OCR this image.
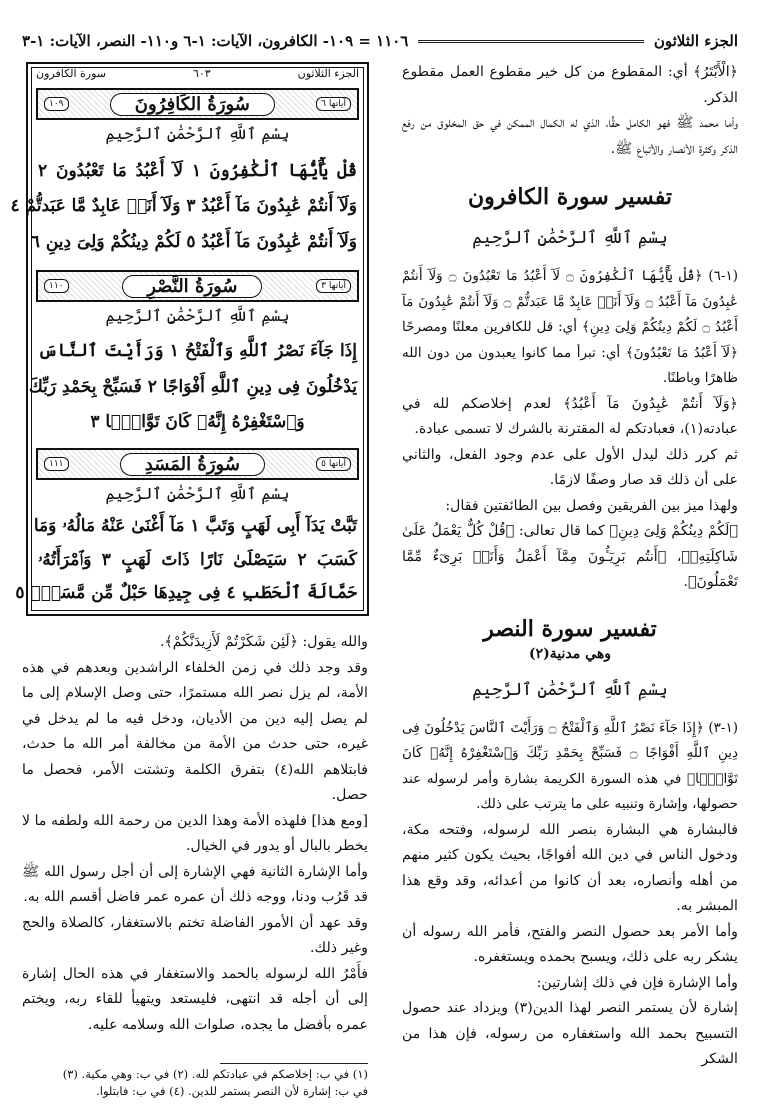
الجزء الثلاثون
١١٠٦ = ١٠٩- الكافرون، الآيات: ١-٦ و١١٠- النصر، الآيات: ١-٣
الجزء الثلاثون
٦٠٣
سورة الكافرون
آياتها ٦
سُورَةُ الكَافِرُونَ
١٠٩
بِسْمِ ٱللَّهِ ٱلرَّحْمَٰنِ ٱلرَّحِيمِ
قُلْ يَٰٓأَيُّهَا ٱلْكَٰفِرُونَ ١ لَآ أَعْبُدُ مَا تَعْبُدُونَ ٢
وَلَآ أَنتُمْ عَٰبِدُونَ مَآ أَعْبُدُ ٣ وَلَآ أَنَا۠ عَابِدٌ مَّا عَبَدتُّمْ ٤
وَلَآ أَنتُمْ عَٰبِدُونَ مَآ أَعْبُدُ ٥ لَكُمْ دِينُكُمْ وَلِىَ دِينِ ٦
آياتها ٣
سُورَةُ النَّصْرِ
١١٠
بِسْمِ ٱللَّهِ ٱلرَّحْمَٰنِ ٱلرَّحِيمِ
إِذَا جَآءَ نَصْرُ ٱللَّهِ وَٱلْفَتْحُ ١ وَرَأَيْتَ ٱلنَّاسَ
يَدْخُلُونَ فِى دِينِ ٱللَّهِ أَفْوَاجًا ٢ فَسَبِّحْ بِحَمْدِ رَبِّكَ
وَٱسْتَغْفِرْهُ إِنَّهُۥ كَانَ تَوَّابًۢا ٣
آياتها ٥
سُورَةُ المَسَدِ
١١١
بِسْمِ ٱللَّهِ ٱلرَّحْمَٰنِ ٱلرَّحِيمِ
تَبَّتْ يَدَآ أَبِى لَهَبٍ وَتَبَّ ١ مَآ أَغْنَىٰ عَنْهُ مَالُهُۥ وَمَا
كَسَبَ ٢ سَيَصْلَىٰ نَارًا ذَاتَ لَهَبٍ ٣ وَٱمْرَأَتُهُۥ
حَمَّالَةَ ٱلْحَطَبِ ٤ فِى جِيدِهَا حَبْلٌ مِّن مَّسَدٍۭ ٥

﴿الْأَبْتَرُ﴾ أي: المقطوع من كل خير مقطوع العمل مقطوع الذكر.

وأما محمد ﷺ فهو الكامل حقًّا، الذي له الكمال الممكن في حق المخلوق من رفع الذكر وكثرة الأنصار والأتباع ﷺ.

تفسير سورة الكافرون

بِسْمِ ٱللَّهِ ٱلرَّحْمَٰنِ ٱلرَّحِيمِ

(١-٦) ﴿قُلْ يَٰٓأَيُّهَا ٱلْكَٰفِرُونَ ۝ لَآ أَعْبُدُ مَا تَعْبُدُونَ ۝ وَلَآ أَنتُمْ عَٰبِدُونَ مَآ أَعْبُدُ ۝ وَلَآ أَنَا۠ عَابِدٌ مَّا عَبَدتُّمْ ۝ وَلَآ أَنتُمْ عَٰبِدُونَ مَآ أَعْبُدُ ۝ لَكُمْ دِينُكُمْ وَلِىَ دِينِ﴾ أي: قل للكافرين معلنًا ومصرحًا ﴿لَآ أَعْبُدُ مَا تَعْبُدُونَ﴾ أي: تبرأ مما كانوا يعبدون من دون الله ظاهرًا وباطنًا.

﴿وَلَآ أَنتُمْ عَٰبِدُونَ مَآ أَعْبُدُ﴾ لعدم إخلاصكم لله في عبادته(١)، فعبادتكم له المقترنة بالشرك لا تسمى عبادة.

ثم كرر ذلك ليدل الأول على عدم وجود الفعل، والثاني على أن ذلك قد صار وصفًا لازمًا.

ولهذا ميز بين الفريقين وفصل بين الطائفتين فقال:

﴿لَكُمْ دِينُكُمْ وَلِىَ دِينِ﴾ كما قال تعالى: ﴿قُلْ كُلٌّ يَعْمَلُ عَلَىٰ شَاكِلَتِهِۦ﴾، ﴿أَنتُم بَرِيٓـُٔونَ مِمَّآ أَعْمَلُ وَأَنَا۠ بَرِىٓءٌ مِّمَّا تَعْمَلُونَ﴾.

تفسير سورة النصر

وهي مدنية(٢)

بِسْمِ ٱللَّهِ ٱلرَّحْمَٰنِ ٱلرَّحِيمِ

(١-٣) ﴿إِذَا جَآءَ نَصْرُ ٱللَّهِ وَٱلْفَتْحُ ۝ وَرَأَيْتَ ٱلنَّاسَ يَدْخُلُونَ فِى دِينِ ٱللَّهِ أَفْوَاجًا ۝ فَسَبِّحْ بِحَمْدِ رَبِّكَ وَٱسْتَغْفِرْهُ إِنَّهُۥ كَانَ تَوَّابًۢا﴾ في هذه السورة الكريمة بشارة وأمر لرسوله عند حصولها، وإشارة وتنبيه على ما يترتب على ذلك.

فالبشارة هي البشارة بنصر الله لرسوله، وفتحه مكة، ودخول الناس في دين الله أفواجًا، بحيث يكون كثير منهم من أهله وأنصاره، بعد أن كانوا من أعدائه، وقد وقع هذا المبشر به.

وأما الأمر بعد حصول النصر والفتح، فأمر الله رسوله أن يشكر ربه على ذلك، ويسبح بحمده ويستغفره.

وأما الإشارة فإن في ذلك إشارتين:

إشارة لأن يستمر النصر لهذا الدين(٣) ويزداد عند حصول التسبيح بحمد الله واستغفاره من رسوله، فإن هذا من الشكر

والله يقول: ﴿لَئِن شَكَرْتُمْ لَأَزِيدَنَّكُمْ﴾.

وقد وجد ذلك في زمن الخلفاء الراشدين وبعدهم في هذه الأمة، لم يزل نصر الله مستمرًا، حتى وصل الإسلام إلى ما لم يصل إليه دين من الأديان، ودخل فيه ما لم يدخل في غيره، حتى حدث من الأمة من مخالفة أمر الله ما حدث، فابتلاهم الله(٤) بتفرق الكلمة وتشتت الأمر، فحصل ما حصل.

[ومع هذا] فلهذه الأمة وهذا الدين من رحمة الله ولطفه ما لا يخطر بالبال أو يدور في الخيال.

وأما الإشارة الثانية فهي الإشارة إلى أن أجل رسول الله ﷺ قد قَرُب ودنا، ووجه ذلك أن عمره عمر فاضل أقسم الله به.

وقد عهد أن الأمور الفاضلة تختم بالاستغفار، كالصلاة والحج وغير ذلك.

فأَمْرُ الله لرسوله بالحمد والاستغفار في هذه الحال إشارة إلى أن أجله قد انتهى، فليستعد ويتهيأ للقاء ربه، ويختم عمره بأفضل ما يجده، صلوات الله وسلامه عليه.

(١) في ب: إخلاصكم في عبادتكم لله. (٢) في ب: وهي مكية. (٣)
في ب: إشارة لأن النصر يستمر للدين. (٤) في ب: فابتلوا.
